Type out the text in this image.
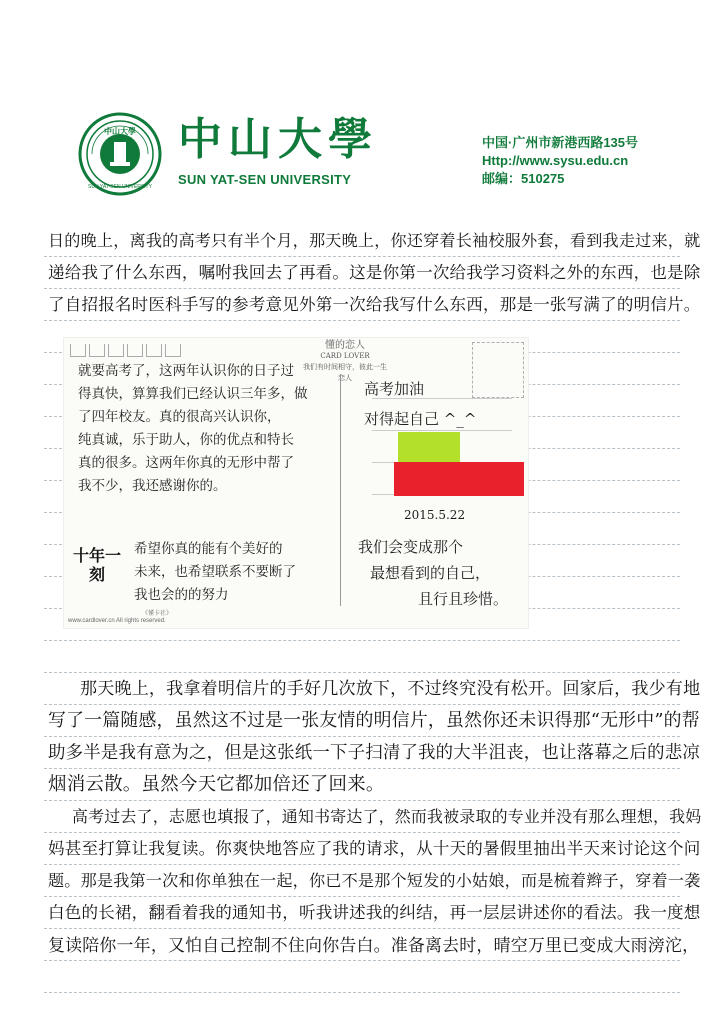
中山大學
SUN YAT-SEN UNIVERSITY
中山大學
SUN YAT-SEN UNIVERSITY
中国·广州市新港西路135号
Http://www.sysu.edu.cn
邮编：510275
日的晚上，离我的高考只有半个月，那天晚上，你还穿着长袖校服外套，看到我走过来，就
递给我了什么东西，嘱咐我回去了再看。这是你第一次给我学习资料之外的东西，也是除
了自招报名时医科手写的参考意见外第一次给我写什么东西，那是一张写满了的明信片。
懂的恋人
CARD LOVER
我们有时间相守，彼此一生恋人
就要高考了，这两年认识你的日子过
得真快，算算我们已经认识三年多，做
了四年校友。真的很高兴认识你，
纯真诚，乐于助人，你的优点和特长
真的很多。这两年你真的无形中帮了
我不少，我还感谢你的。
十年一刻
希望你真的能有个美好的
未来，也希望联系不要断了
我也会的的努力
《懂卡社》
www.cardlover.cn All rights reserved.
高考加油
对得起自己 ^_^
2015.5.22
我们会变成那个
最想看到的自己，
且行且珍惜。
那天晚上，我拿着明信片的手好几次放下，不过终究没有松开。回家后，我少有地
写了一篇随感，虽然这不过是一张友情的明信片，虽然你还未识得那“无形中”的帮
助多半是我有意为之，但是这张纸一下子扫清了我的大半沮丧，也让落幕之后的悲凉
烟消云散。虽然今天它都加倍还了回来。
高考过去了，志愿也填报了，通知书寄达了，然而我被录取的专业并没有那么理想，我妈
妈甚至打算让我复读。你爽快地答应了我的请求，从十天的暑假里抽出半天来讨论这个问
题。那是我第一次和你单独在一起，你已不是那个短发的小姑娘，而是梳着辫子，穿着一袭
白色的长裙，翻看着我的通知书，听我讲述我的纠结，再一层层讲述你的看法。我一度想
复读陪你一年，又怕自己控制不住向你告白。准备离去时，晴空万里已变成大雨滂沱，
